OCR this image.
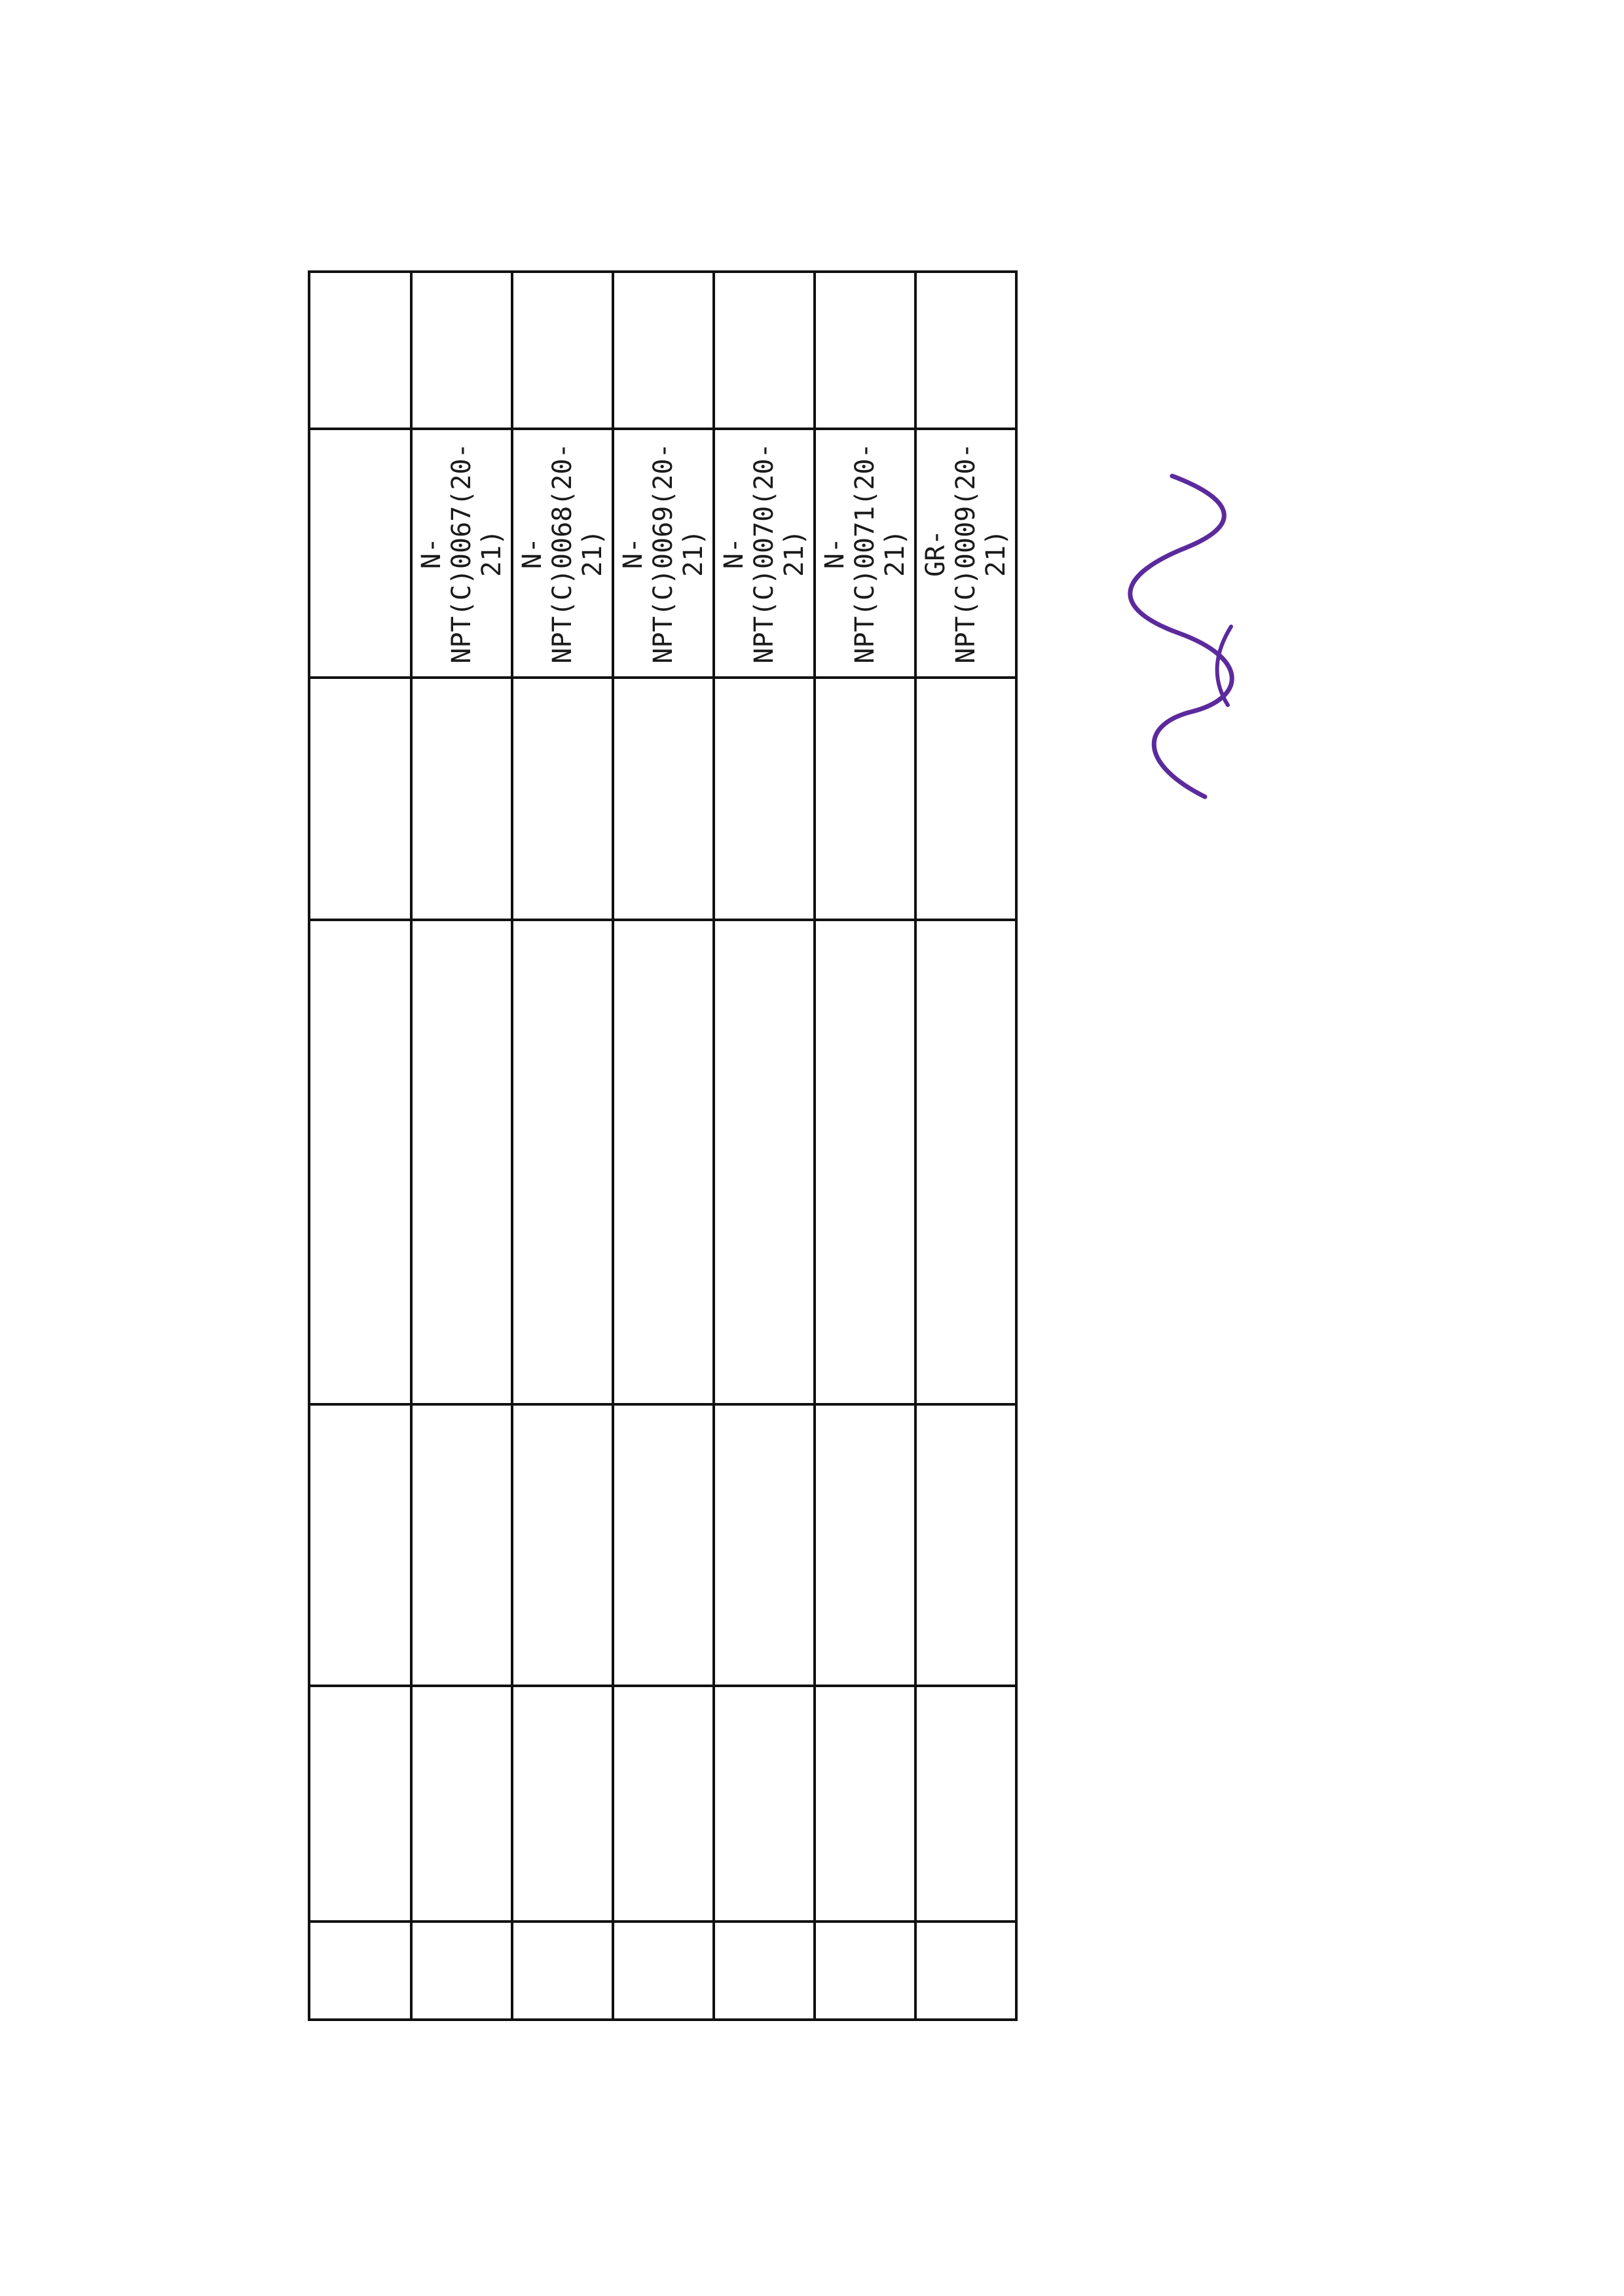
					N-NPT(C)0067(20-21)	
					N-NPT(C)0068(20-21)	
					N-NPT(C)0069(20-21)	
					N-NPT(C)0070(20-21)	
					N-NPT(C)0071(20-21)	
					GR-NPT(C)0009(20-21)	
